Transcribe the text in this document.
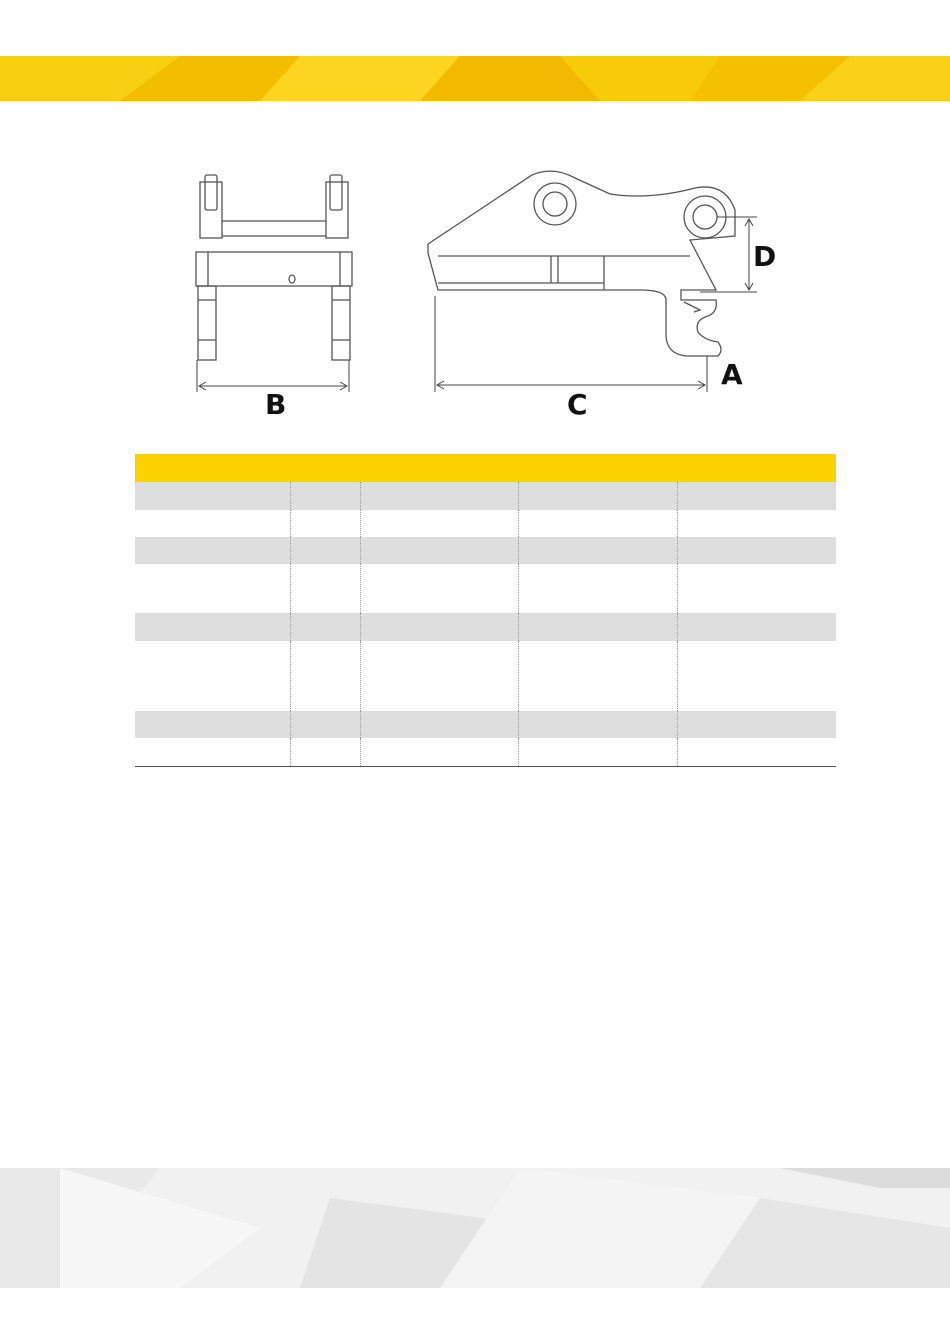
B	C
A
D
